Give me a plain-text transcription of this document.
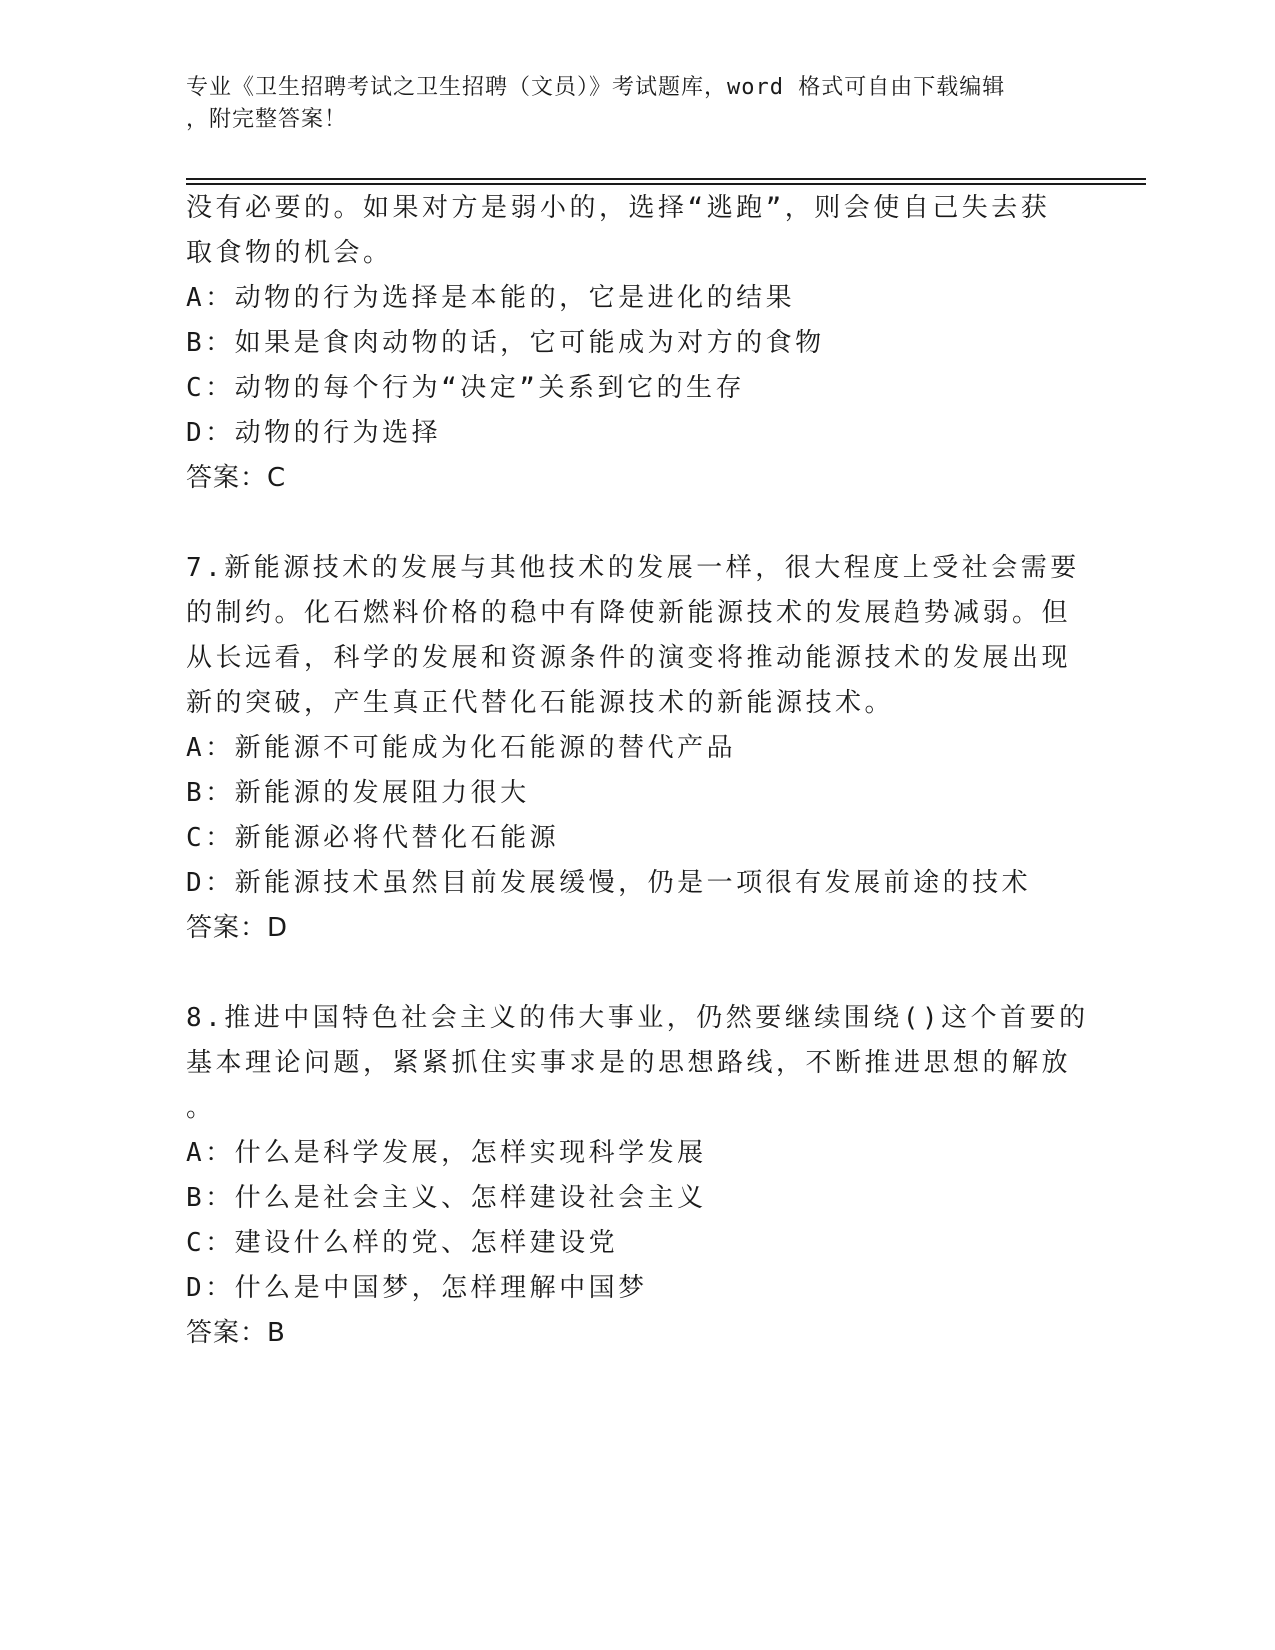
专业《卫生招聘考试之卫生招聘（文员）》考试题库，word 格式可自由下载编辑
，附完整答案！
没有必要的。如果对方是弱小的，选择“逃跑”，则会使自己失去获
取食物的机会。
A：动物的行为选择是本能的，它是进化的结果
B：如果是食肉动物的话，它可能成为对方的食物
C：动物的每个行为“决定”关系到它的生存
D：动物的行为选择
答案：C
7.新能源技术的发展与其他技术的发展一样，很大程度上受社会需要
的制约。化石燃料价格的稳中有降使新能源技术的发展趋势减弱。但
从长远看，科学的发展和资源条件的演变将推动能源技术的发展出现
新的突破，产生真正代替化石能源技术的新能源技术。
A：新能源不可能成为化石能源的替代产品
B：新能源的发展阻力很大
C：新能源必将代替化石能源
D：新能源技术虽然目前发展缓慢，仍是一项很有发展前途的技术
答案：D
8.推进中国特色社会主义的伟大事业，仍然要继续围绕()这个首要的
基本理论问题，紧紧抓住实事求是的思想路线，不断推进思想的解放
。
A：什么是科学发展，怎样实现科学发展
B：什么是社会主义、怎样建设社会主义
C：建设什么样的党、怎样建设党
D：什么是中国梦，怎样理解中国梦
答案：B
